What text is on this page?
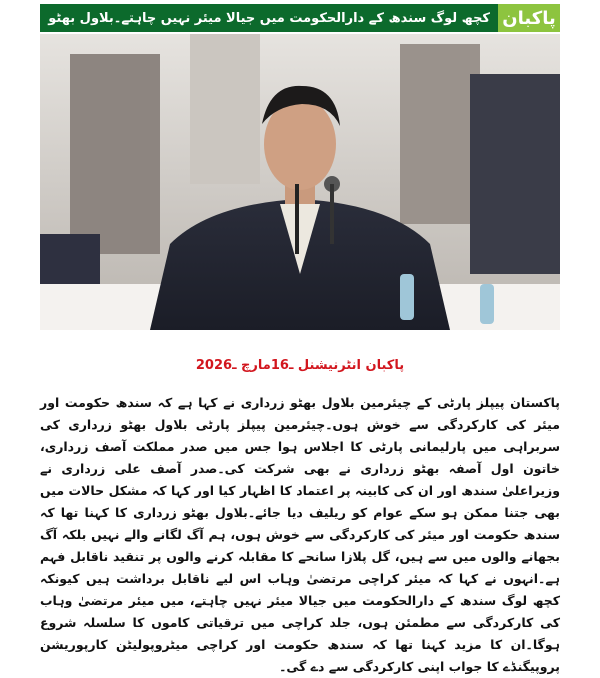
کچھ لوگ سندھ کے دارالحکومت میں جیالا میئر نہیں چاہتے۔بلاول بھٹو پاکبان
پاکبان انٹرنیشنل ـ16مارچ ـ2026
پاکستان پیپلز پارٹی کے چیئرمین بلاول بھٹو زرداری نے کہا ہے کہ سندھ حکومت اور میئر کی کارکردگی سے خوش ہوں۔چیئرمین پیپلز پارٹی بلاول بھٹو زرداری کی سربراہی میں پارلیمانی پارٹی کا اجلاس ہوا جس میں صدر مملکت آصف زرداری، خاتون اول آصفہ بھٹو زرداری نے بھی شرکت کی۔صدر آصف علی زرداری نے وزیراعلیٰ سندھ اور ان کی کابینہ پر اعتماد کا اظہار کیا اور کہا کہ مشکل حالات میں بھی جتنا ممکن ہو سکے عوام کو ریلیف دیا جائے۔بلاول بھٹو زرداری کا کہنا تھا کہ سندھ حکومت اور میئر کی کارکردگی سے خوش ہوں، ہم آگ لگانے والے نہیں بلکہ آگ بجھانے والوں میں سے ہیں، گل پلازا سانحے کا مقابلہ کرنے والوں پر تنقید ناقابل فہم ہے۔انہوں نے کہا کہ میئر کراچی مرتضیٰ وہاب اس لیے ناقابل برداشت ہیں کیونکہ کچھ لوگ سندھ کے دارالحکومت میں جیالا میئر نہیں چاہتے، میں میئر مرتضیٰ وہاب کی کارکردگی سے مطمئن ہوں، جلد کراچی میں ترقیاتی کاموں کا سلسلہ شروع ہوگا۔ان کا مزید کہنا تھا کہ سندھ حکومت اور کراچی میٹروپولیٹن کارپوریشن پروپیگنڈے کا جواب اپنی کارکردگی سے دے گی۔
